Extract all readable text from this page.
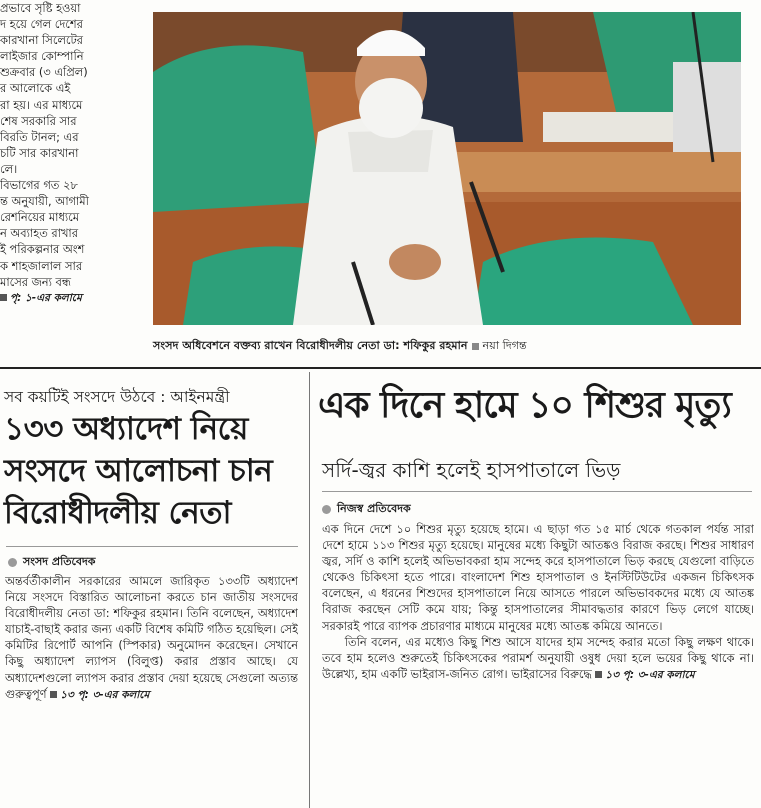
প্রভাবে সৃষ্টি হওয়া
দ হয়ে গেল দেশের
কারখানা সিলেটের
লাইজার কোম্পানি
শুক্রবার (৩ এপ্রিল)
র আলোকে এই
রা হয়। এর মাধ্যমে
শেষ সরকারি সার
বিরতি টানল; এর
চটি সার কারখানা
লে।
বিভাগের গত ২৮
ন্ত অনুযায়ী, আগামী
রেশনিয়ের মাধ্যমে
ন অব্যাহত রাখার
ই পরিকল্পনার অংশ
ক শাহজালাল সার
মাসের জন্য বন্ধ
পৃ: ১-এর কলামে
সংসদ অধিবেশনে বক্তব্য রাখেন বিরোধীদলীয় নেতা ডা: শফিকুর রহমান নয়া দিগন্ত
সব কয়টিই সংসদে উঠবে : আইনমন্ত্রী
১৩৩ অধ্যাদেশ নিয়ে
সংসদে আলোচনা চান
বিরোধীদলীয় নেতা
সংসদ প্রতিবেদক

অন্তর্বর্তীকালীন সরকারের আমলে জারিকৃত ১৩৩টি অধ্যাদেশ নিয়ে সংসদে বিস্তারিত আলোচনা করতে চান জাতীয় সংসদের বিরোধীদলীয় নেতা ডা: শফিকুর রহমান। তিনি বলেছেন, অধ্যাদেশ যাচাই-বাছাই করার জন্য একটি বিশেষ কমিটি গঠিত হয়েছিল। সেই কমিটির রিপোর্ট আপনি (স্পিকার) অনুমোদন করেছেন। সেখানে কিছু অধ্যাদেশ ল্যাপস (বিলুপ্ত) করার প্রস্তাব আছে। যে অধ্যাদেশগুলো ল্যাপস করার প্রস্তাব দেয়া হয়েছে সেগুলো অত্যন্ত গুরুত্বপূর্ণ ১৩ পৃ: ৩-এর কলামে

এক দিনে হামে ১০ শিশুর মৃত্যু
সর্দি-জ্বর কাশি হলেই হাসপাতালে ভিড়
নিজস্ব প্রতিবেদক

এক দিনে দেশে ১০ শিশুর মৃত্যু হয়েছে হামে। এ ছাড়া গত ১৫ মার্চ থেকে গতকাল পর্যন্ত সারা দেশে হামে ১১৩ শিশুর মৃত্যু হয়েছে। মানুষের মধ্যে কিছুটা আতঙ্কও বিরাজ করছে। শিশুর সাধারণ জ্বর, সর্দি ও কাশি হলেই অভিভাবকরা হাম সন্দেহ করে হাসপাতালে ভিড় করছে যেগুলো বাড়িতে থেকেও চিকিৎসা হতে পারে। বাংলাদেশ শিশু হাসপাতাল ও ইনস্টিটিউটের একজন চিকিৎসক বলেছেন, এ ধরনের শিশুদের হাসপাতালে নিয়ে আসতে পারলে অভিভাবকদের মধ্যে যে আতঙ্ক বিরাজ করছেন সেটি কমে যায়; কিন্তু হাসপাতালের সীমাবদ্ধতার কারণে ভিড় লেগে যাচ্ছে। সরকারই পারে ব্যাপক প্রচারণার মাধ্যমে মানুষের মধ্যে আতঙ্ক কমিয়ে আনতে।

তিনি বলেন, এর মধ্যেও কিছু শিশু আসে যাদের হাম সন্দেহ করার মতো কিছু লক্ষণ থাকে। তবে হাম হলেও শুরুতেই চিকিৎসকের পরামর্শ অনুযায়ী ওষুধ দেয়া হলে ভয়ের কিছু থাকে না। উল্লেখ্য, হাম একটি ভাইরাস-জনিত রোগ। ভাইরাসের বিরুদ্ধে ১৩ পৃ: ৩-এর কলামে
